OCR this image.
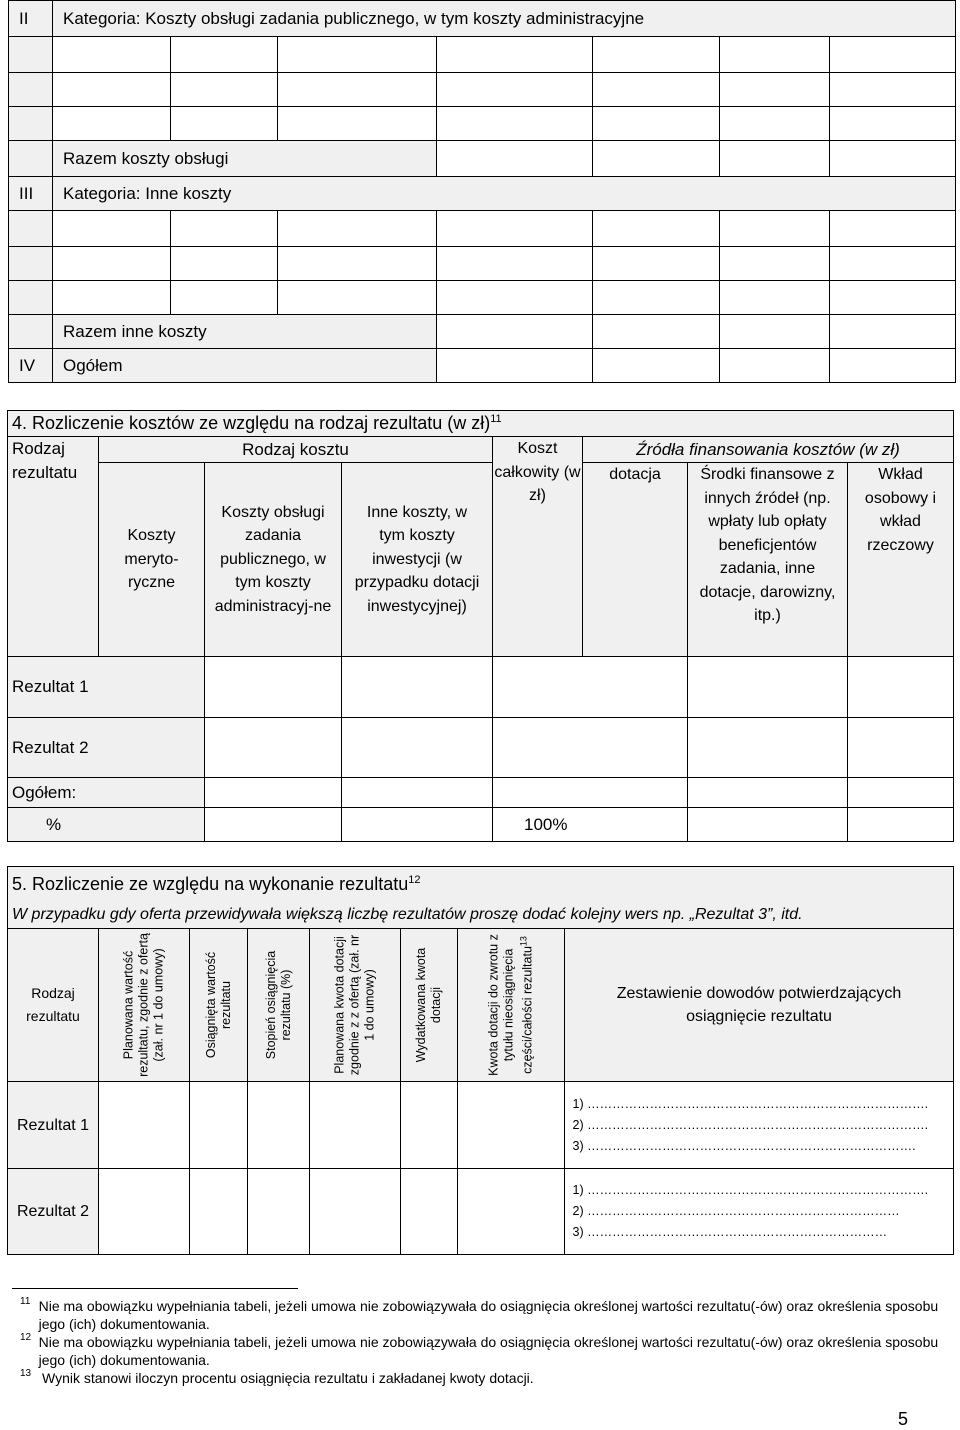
II	Kategoria: Koszty obsługi zadania publicznego, w tym koszty administracyjne						

	Razem koszty obsługi						
III	Kategoria: Inne koszty						

	Razem inne koszty						
IV	Ogółem						
4. Rozliczenie kosztów ze względu na rodzaj rezultatu (w zł)$^{11}$
Rodzaj rezultatu	Rodzaj kosztu			Koszt całkowity (w zł)	Źródła finansowania kosztów (w zł)		
	Koszty meryto-ryczne	Koszty obsługi zadania publicznego, w tym koszty administracyj-ne	Inne koszty, w tym koszty inwestycji (w przypadku dotacji inwestycyjnej)		dotacja	Środki finansowe z innych źródeł (np. wpłaty lub opłaty beneficjentów zadania, inne dotacje, darowizny, itp.)	Wkład osobowy i wkład rzeczowy
Rezultat 1							
Rezultat 2							
Ogółem:							
%				100%			
5. Rozliczenie ze względu na wykonanie rezultatu$^{12}$
W przypadku gdy oferta przewidywała większą liczbę rezultatów proszę dodać kolejny wers np. „Rezultat 3”, itd.								
Rodzaj rezultatu	Planowana wartość rezultatu, zgodnie z ofertą (zał. nr 1 do umowy)	Osiągnięta wartość rezultatu	Stopień osiągnięcia rezultatu (%)	Planowana kwota dotacji zgodnie z z ofertą (zał. nr 1 do umowy)	Wydatkowana kwota dotacji	Kwota dotacji do zwrotu z tytułu nieosiągnięcia części/całości rezultatu$^{13}$	Zestawienie dowodów potwierdzających osiągnięcie rezultatu	
Rezultat 1								1) ……………………………………………………………………….
2) ……………………………………………………………………….
3) …………………………………………………………………….

Rezultat 2								1) ……………………………………………………………………….
2) …………………………………………………………………
3) ………………………………………………………………
11 Nie ma obowiązku wypełniania tabeli, jeżeli umowa nie zobowiązywała do osiągnięcia określonej wartości rezultatu(-ów) oraz określenia sposobu jego (ich) dokumentowania.
12 Nie ma obowiązku wypełniania tabeli, jeżeli umowa nie zobowiązywała do osiągnięcia określonej wartości rezultatu(-ów) oraz określenia sposobu jego (ich) dokumentowania.
13 Wynik stanowi iloczyn procentu osiągnięcia rezultatu i zakładanej kwoty dotacji.
5
